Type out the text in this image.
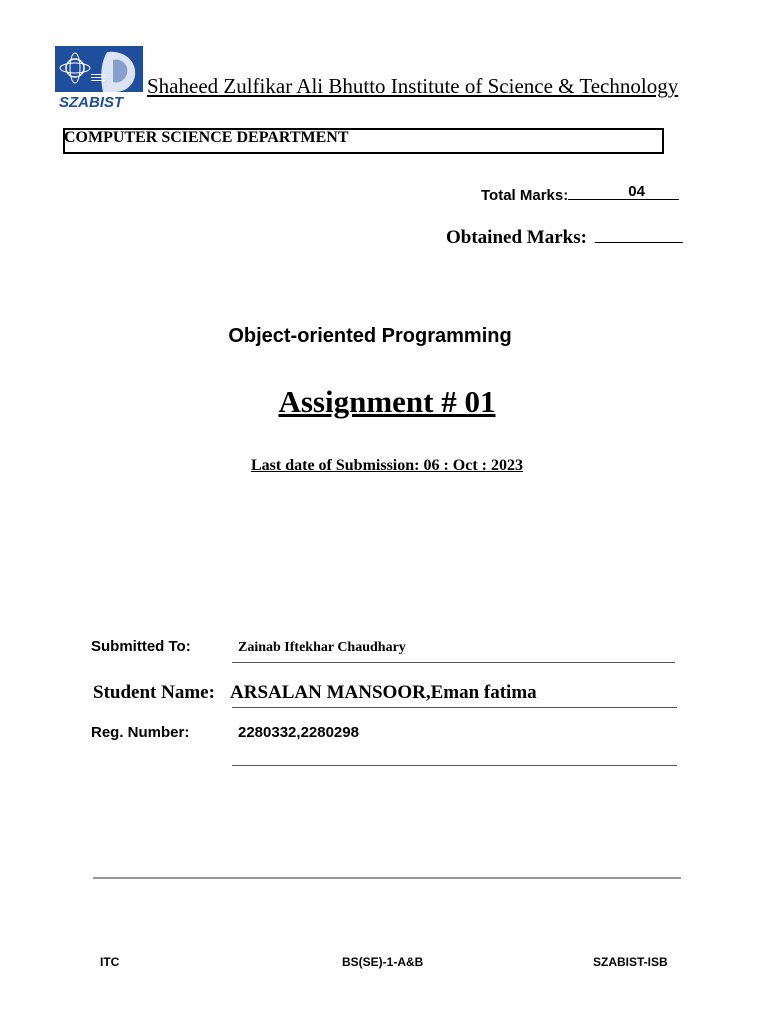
SZABIST
Shaheed Zulfikar Ali Bhutto Institute of Science & Technology
COMPUTER SCIENCE DEPARTMENT
Total Marks:	04
Obtained Marks:
Object-oriented Programming
Assignment # 01
Last date of Submission: 06 : Oct : 2023
Submitted To:	Zainab Iftekhar Chaudhary
Student Name: ARSALAN MANSOOR,Eman fatima
Reg. Number:	2280332,2280298
ITC	BS(SE)-1-A&B	SZABIST-ISB
